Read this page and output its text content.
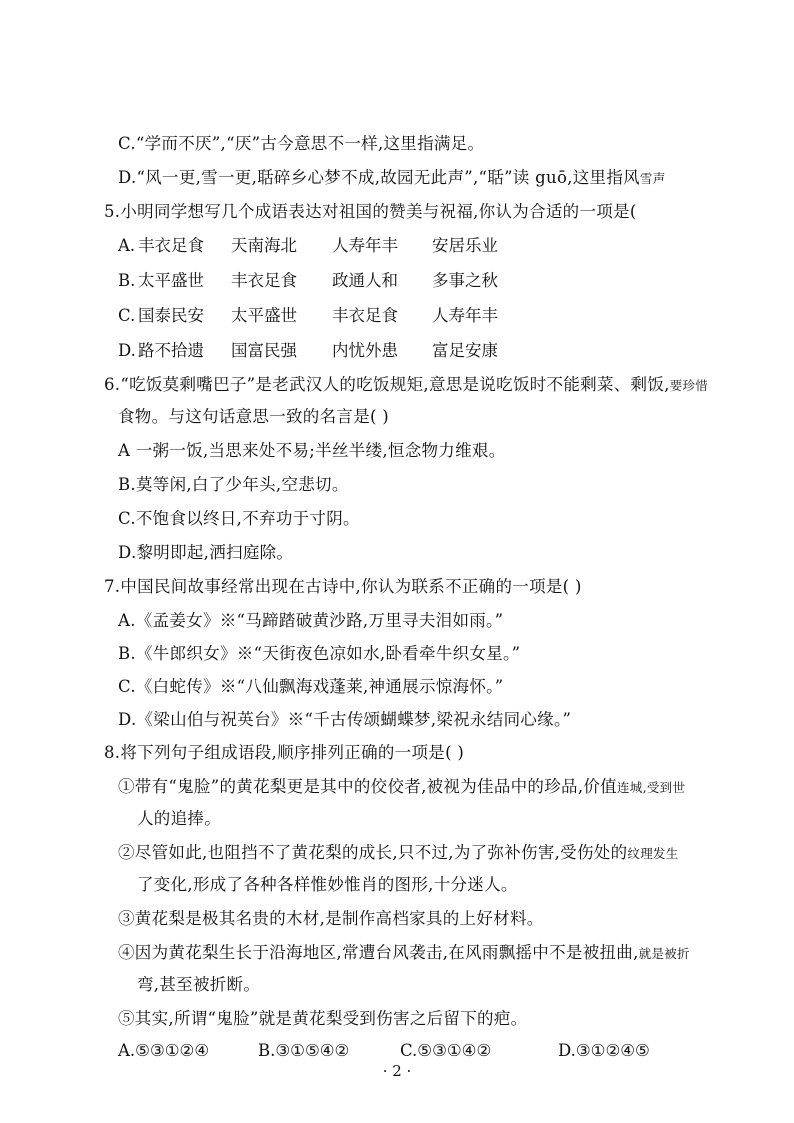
C.“学而不厌”,“厌”古今意思不一样,这里指满足。
D.“风一更,雪一更,聒碎乡心梦不成,故园无此声”,“聒”读 guō,这里指风雪声
5.小明同学想写几个成语表达对祖国的赞美与祝福,你认为合适的一项是(
A. 丰衣足食 天南海北 人寿年丰 安居乐业
B. 太平盛世 丰衣足食 政通人和 多事之秋
C. 国泰民安 太平盛世 丰衣足食 人寿年丰
D. 路不拾遗 国富民强 内忧外患 富足安康
6.“吃饭莫剩嘴巴子”是老武汉人的吃饭规矩,意思是说吃饭时不能剩菜、剩饭,要珍惜
食物。与这句话意思一致的名言是( )
A 一粥一饭,当思来处不易;半丝半缕,恒念物力维艰。
B.莫等闲,白了少年头,空悲切。
C.不饱食以终日,不弃功于寸阴。
D.黎明即起,洒扫庭除。
7.中国民间故事经常出现在古诗中,你认为联系不正确的一项是( )
A.《孟姜女》※“马蹄踏破黄沙路,万里寻夫泪如雨。”
B.《牛郎织女》※“天街夜色凉如水,卧看牵牛织女星。”
C.《白蛇传》※“八仙飘海戏蓬莱,神通展示惊海怀。”
D.《梁山伯与祝英台》※“千古传颂蝴蝶梦,梁祝永结同心缘。”
8.将下列句子组成语段,顺序排列正确的一项是( )
①带有“鬼脸”的黄花梨更是其中的佼佼者,被视为佳品中的珍品,价值连城,受到世
人的追捧。
②尽管如此,也阻挡不了黄花梨的成长,只不过,为了弥补伤害,受伤处的纹理发生
了变化,形成了各种各样惟妙惟肖的图形,十分迷人。
③黄花梨是极其名贵的木材,是制作高档家具的上好材料。
④因为黄花梨生长于沿海地区,常遭台风袭击,在风雨飘摇中不是被扭曲,就是被折
弯,甚至被折断。
⑤其实,所谓“鬼脸”就是黄花梨受到伤害之后留下的疤。
A.⑤③①②④	B.③①⑤④②	C.⑤③①④②	D.③①②④⑤
· 2 ·
